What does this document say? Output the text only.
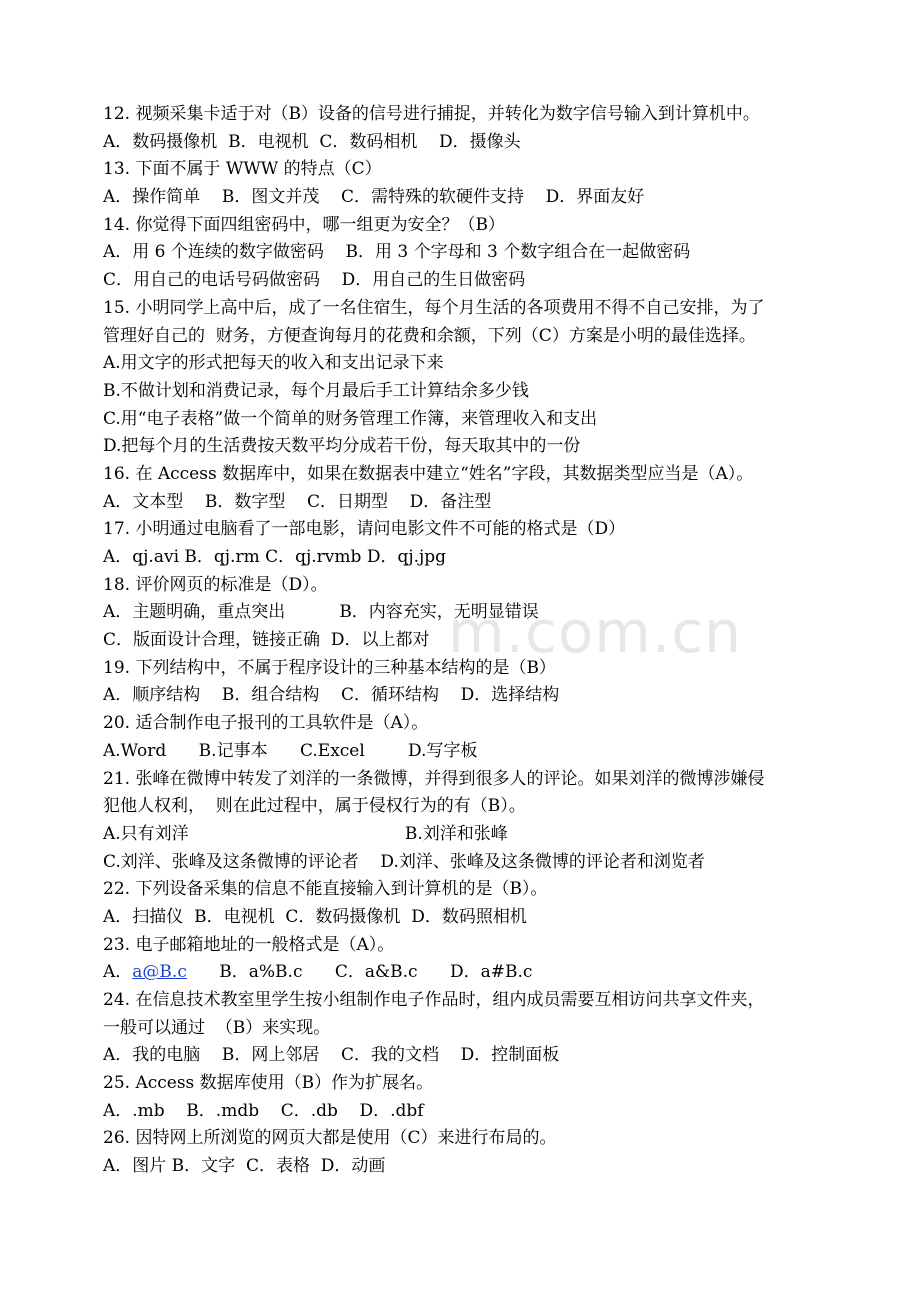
m.com.cn
12. 视频采集卡适于对（B）设备的信号进行捕捉，并转化为数字信号输入到计算机中。
A．数码摄像机  B．电视机  C．数码相机    D．摄像头
13. 下面不属于 WWW 的特点（C）
A．操作简单    B．图文并茂    C．需特殊的软硬件支持    D．界面友好
14. 你觉得下面四组密码中，哪一组更为安全？（B）
A．用 6 个连续的数字做密码    B．用 3 个字母和 3 个数字组合在一起做密码
C．用自己的电话号码做密码    D．用自己的生日做密码
15. 小明同学上高中后，成了一名住宿生，每个月生活的各项费用不得不自己安排，为了
管理好自己的  财务，方便查询每月的花费和余额，下列（C）方案是小明的最佳选择。
A.用文字的形式把每天的收入和支出记录下来
B.不做计划和消费记录，每个月最后手工计算结余多少钱
C.用“电子表格”做一个简单的财务管理工作簿，来管理收入和支出
D.把每个月的生活费按天数平均分成若干份，每天取其中的一份
16. 在 Access 数据库中，如果在数据表中建立“姓名”字段，其数据类型应当是（A）。
A．文本型    B．数字型    C．日期型    D．备注型
17. 小明通过电脑看了一部电影，请问电影文件不可能的格式是（D）
A．qj.avi B．qj.rm C．qj.rvmb D．qj.jpg
18. 评价网页的标准是（D）。
A．主题明确，重点突出          B．内容充实，无明显错误
C．版面设计合理，链接正确  D．以上都对
19. 下列结构中，不属于程序设计的三种基本结构的是（B）
A．顺序结构    B．组合结构    C．循环结构    D．选择结构
20. 适合制作电子报刊的工具软件是（A）。
A.Word      B.记事本      C.Excel        D.写字板
21. 张峰在微博中转发了刘洋的一条微博，并得到很多人的评论。如果刘洋的微博涉嫌侵
犯他人权利，  则在此过程中，属于侵权行为的有（B）。
A.只有刘洋                                        B.刘洋和张峰
C.刘洋、张峰及这条微博的评论者    D.刘洋、张峰及这条微博的评论者和浏览者
22. 下列设备采集的信息不能直接输入到计算机的是（B）。
A．扫描仪  B．电视机  C．数码摄像机  D．数码照相机
23. 电子邮箱地址的一般格式是（A）。
A．a@B.c      B．a%B.c      C．a&B.c      D．a#B.c
24. 在信息技术教室里学生按小组制作电子作品时，组内成员需要互相访问共享文件夹，
一般可以通过  （B）来实现。
A．我的电脑    B．网上邻居    C．我的文档    D．控制面板
25. Access 数据库使用（B）作为扩展名。
A．.mb    B．.mdb    C．.db    D．.dbf
26. 因特网上所浏览的网页大都是使用（C）来进行布局的。
A．图片 B．文字  C．表格  D．动画
